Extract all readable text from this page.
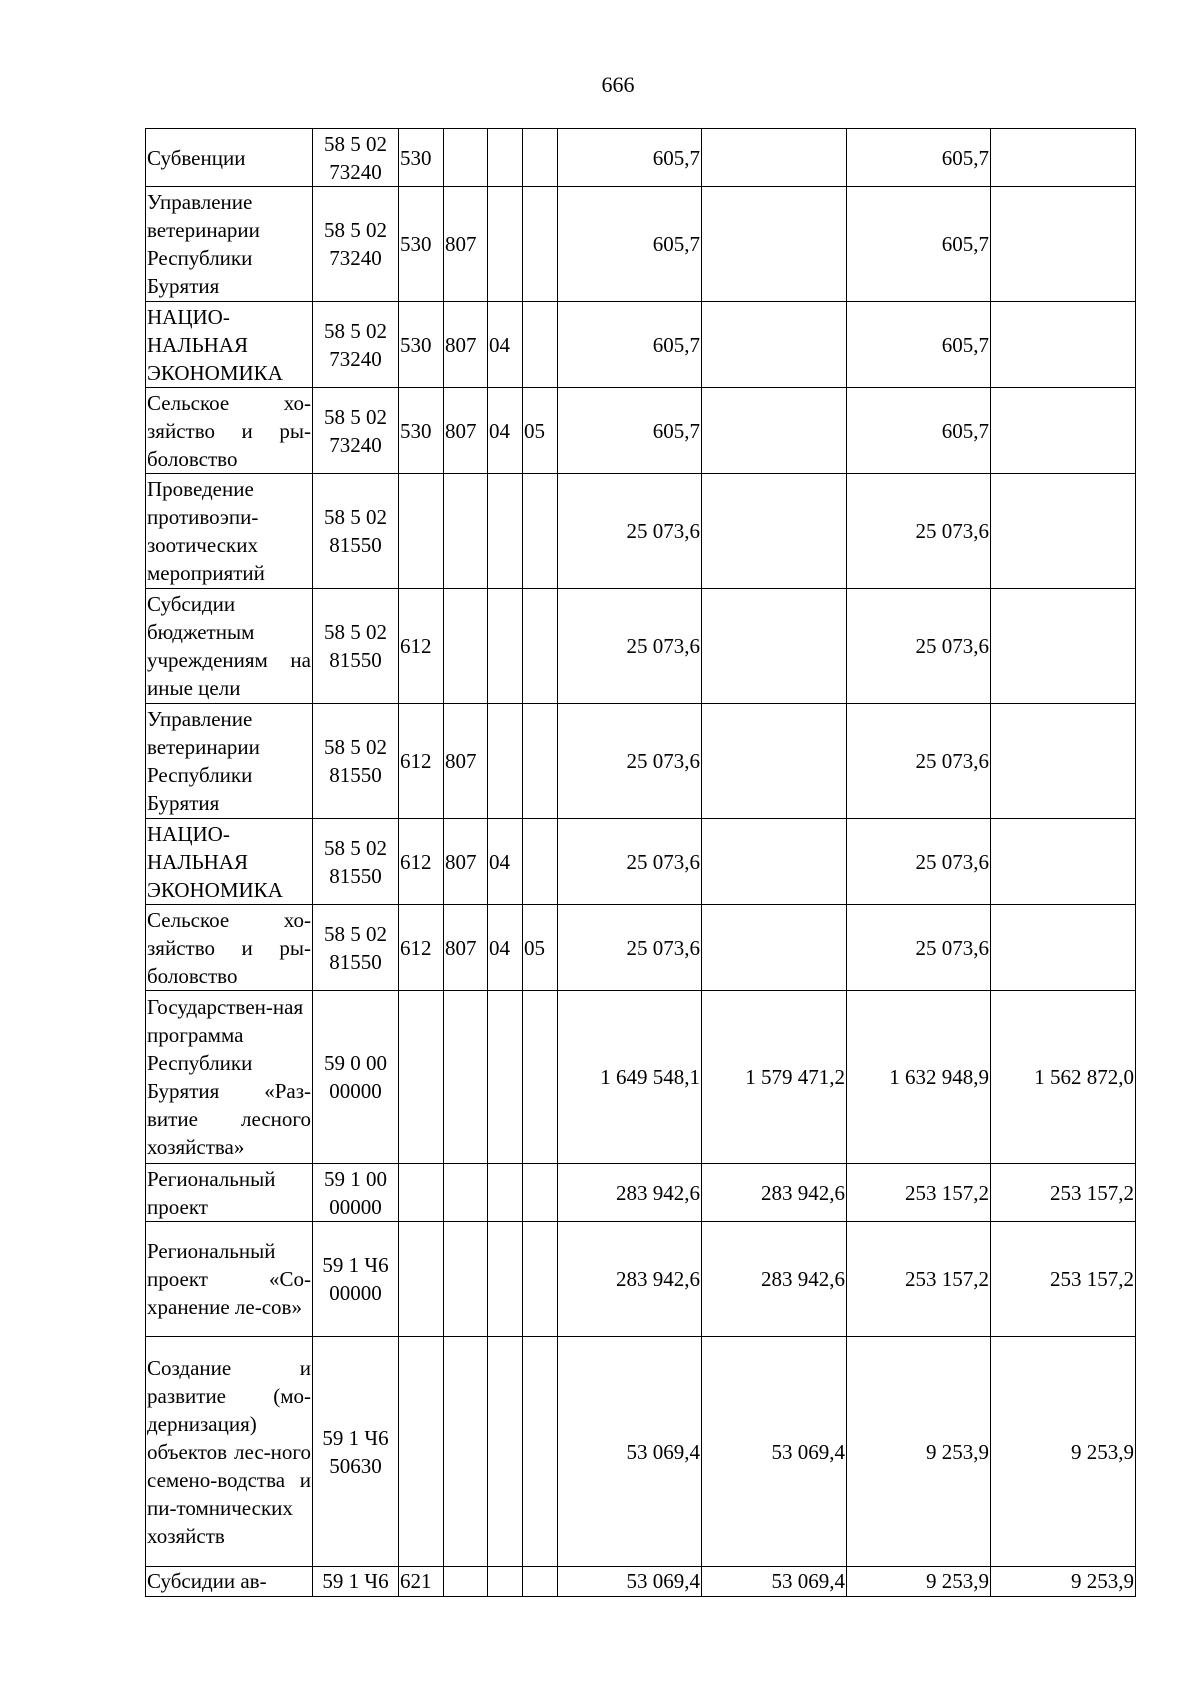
666
Субвенции	58 5 02 73240	530				605,7		605,7	
Управление ветеринарии Республики Бурятия	58 5 02 73240	530	807			605,7		605,7	
НАЦИО-НАЛЬНАЯ ЭКОНОМИКА	58 5 02 73240	530	807	04		605,7		605,7	
Сельское хо-зяйство и ры-боловство	58 5 02 73240	530	807	04	05	605,7		605,7	
Проведение противоэпи-зоотических мероприятий	58 5 02 81550					25 073,6		25 073,6	
Субсидии бюджетным учреждениям на иные цели	58 5 02 81550	612				25 073,6		25 073,6	
Управление ветеринарии Республики Бурятия	58 5 02 81550	612	807			25 073,6		25 073,6	
НАЦИО-НАЛЬНАЯ ЭКОНОМИКА	58 5 02 81550	612	807	04		25 073,6		25 073,6	
Сельское хо-зяйство и ры-боловство	58 5 02 81550	612	807	04	05	25 073,6		25 073,6	
Государствен-ная программа Республики Бурятия «Раз-витие лесного хозяйства»	59 0 00 00000					1 649 548,1	1 579 471,2	1 632 948,9	1 562 872,0
Региональный проект	59 1 00 00000					283 942,6	283 942,6	253 157,2	253 157,2
Региональный проект «Со-хранение ле-сов»	59 1 Ч6 00000					283 942,6	283 942,6	253 157,2	253 157,2
Создание и развитие (мо-дернизация) объектов лес-ного семено-водства и пи-томнических хозяйств	59 1 Ч6 50630					53 069,4	53 069,4	9 253,9	9 253,9
Субсидии ав-	59 1 Ч6	621				53 069,4	53 069,4	9 253,9	9 253,9
